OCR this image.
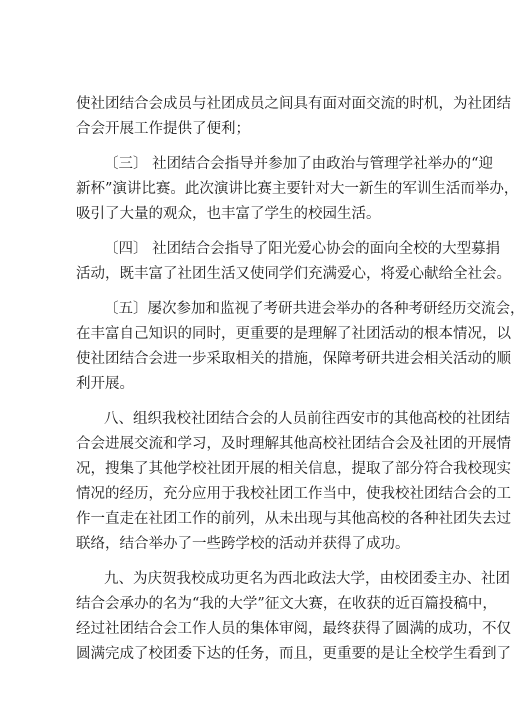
使社团结合会成员与社团成员之间具有面对面交流的时机，为社团结
合会开展工作提供了便利；

〔三〕 社团结合会指导并参加了由政治与管理学社举办的“迎
新杯”演讲比赛。此次演讲比赛主要针对大一新生的军训生活而举办，
吸引了大量的观众，也丰富了学生的校园生活。

〔四〕 社团结合会指导了阳光爱心协会的面向全校的大型募捐
活动，既丰富了社团生活又使同学们充满爱心，将爱心献给全社会。

〔五〕屡次参加和监视了考研共进会举办的各种考研经历交流会，
在丰富自己知识的同时，更重要的是理解了社团活动的根本情况，以
使社团结合会进一步采取相关的措施，保障考研共进会相关活动的顺
利开展。

八、组织我校社团结合会的人员前往西安市的其他高校的社团结
合会进展交流和学习，及时理解其他高校社团结合会及社团的开展情
况，搜集了其他学校社团开展的相关信息，提取了部分符合我校现实
情况的经历，充分应用于我校社团工作当中，使我校社团结合会的工
作一直走在社团工作的前列，从未出现与其他高校的各种社团失去过
联络，结合举办了一些跨学校的活动并获得了成功。

九、为庆贺我校成功更名为西北政法大学，由校团委主办、社团
结合会承办的名为“我的大学”征文大赛，在收获的近百篇投稿中，
经过社团结合会工作人员的集体审阅，最终获得了圆满的成功，不仅
圆满完成了校团委下达的任务，而且，更重要的是让全校学生看到了
